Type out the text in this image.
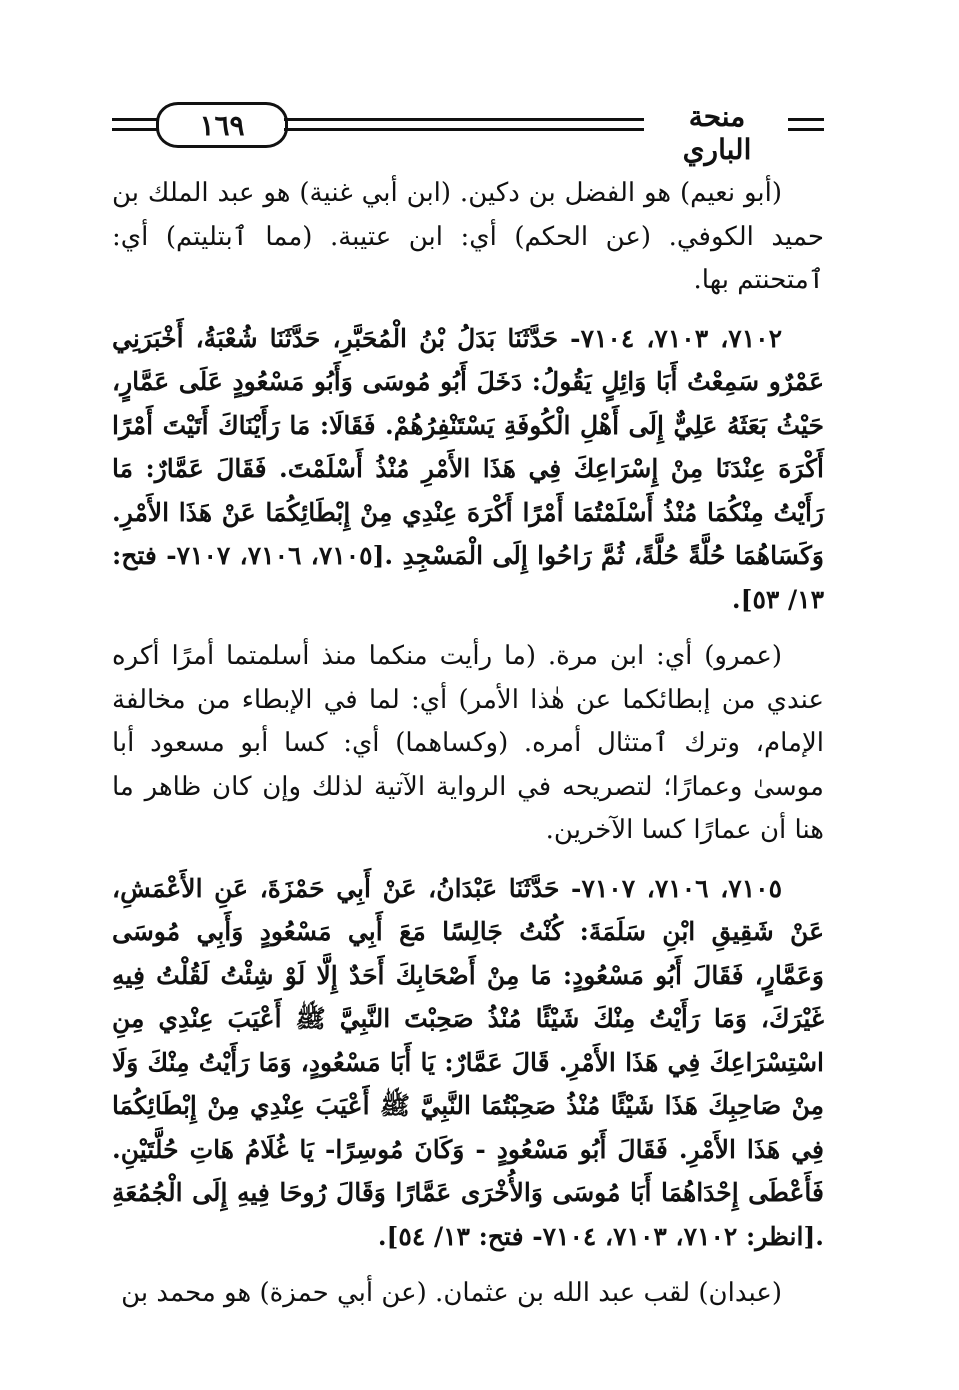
١٦٩	منحة الباري

(أبو نعيم) هو الفضل بن دكين. (ابن أبي غنية) هو عبد الملك بن حميد الكوفي. (عن الحكم) أي: ابن عتيبة. (مما ٱبتليتم) أي: ٱمتحنتم بها.

٧١٠٢، ٧١٠٣، ٧١٠٤- حَدَّثَنَا بَدَلُ بْنُ الْمُحَبَّرِ، حَدَّثَنَا شُعْبَةُ، أَخْبَرَنِي عَمْرٌو سَمِعْتُ أَبَا وَائِلٍ يَقُولُ: دَخَلَ أَبُو مُوسَى وَأَبُو مَسْعُودٍ عَلَى عَمَّارٍ، حَيْثُ بَعَثَهُ عَلِيٌّ إِلَى أَهْلِ الْكُوفَةِ يَسْتَنْفِرُهُمْ. فَقَالَا: مَا رَأَيْنَاكَ أَتَيْتَ أَمْرًا أَكْرَهَ عِنْدَنَا مِنْ إِسْرَاعِكَ فِي هَذَا الأَمْرِ مُنْذُ أَسْلَمْتَ. فَقَالَ عَمَّارٌ: مَا رَأَيْتُ مِنْكُمَا مُنْذُ أَسْلَمْتُمَا أَمْرًا أَكْرَهَ عِنْدِي مِنْ إِبْطَائِكُمَا عَنْ هَذَا الأَمْرِ. وَكَسَاهُمَا حُلَّةً حُلَّةً، ثُمَّ رَاحُوا إِلَى الْمَسْجِدِ .[٧١٠٥، ٧١٠٦، ٧١٠٧- فتح: ١٣/ ٥٣].

(عمرو) أي: ابن مرة. (ما رأيت منكما منذ أسلمتما أمرًا أكره عندي من إبطائكما عن هٰذا الأمر) أي: لما في الإبطاء من مخالفة الإمام، وترك ٱمتثال أمره. (وكساهما) أي: كسا أبو مسعود أبا موسىٰ وعمارًا؛ لتصريحه في الرواية الآتية لذلك وإن كان ظاهر ما هنا أن عمارًا كسا الآخرين.

٧١٠٥، ٧١٠٦، ٧١٠٧- حَدَّثَنَا عَبْدَانُ، عَنْ أَبِي حَمْزَةَ، عَنِ الأَعْمَشِ، عَنْ شَقِيقِ ابْنِ سَلَمَةَ: كُنْتُ جَالِسًا مَعَ أَبِي مَسْعُودٍ وَأَبِي مُوسَى وَعَمَّارٍ، فَقَالَ أَبُو مَسْعُودٍ: مَا مِنْ أَصْحَابِكَ أَحَدٌ إِلَّا لَوْ شِئْتُ لَقُلْتُ فِيهِ غَيْرَكَ، وَمَا رَأَيْتُ مِنْكَ شَيْئًا مُنْذُ صَحِبْتَ النَّبِيَّ ﷺ أَعْيَبَ عِنْدِي مِنِ اسْتِسْرَاعِكَ فِي هَذَا الأَمْرِ. قَالَ عَمَّارٌ: يَا أَبَا مَسْعُودٍ، وَمَا رَأَيْتُ مِنْكَ وَلَا مِنْ صَاحِبِكَ هَذَا شَيْئًا مُنْذُ صَحِبْتُمَا النَّبِيَّ ﷺ أَعْيَبَ عِنْدِي مِنْ إِبْطَائِكُمَا فِي هَذَا الأَمْرِ. فَقَالَ أَبُو مَسْعُودٍ - وَكَانَ مُوسِرًا- يَا غُلَامُ هَاتِ حُلَّتَيْنِ. فَأَعْطَى إِحْدَاهُمَا أَبَا مُوسَى وَالأُخْرَى عَمَّارًا وَقَالَ رُوحَا فِيهِ إِلَى الْجُمُعَةِ .[انظر: ٧١٠٢، ٧١٠٣، ٧١٠٤- فتح: ١٣/ ٥٤].

(عبدان) لقب عبد الله بن عثمان. (عن أبي حمزة) هو محمد بن
